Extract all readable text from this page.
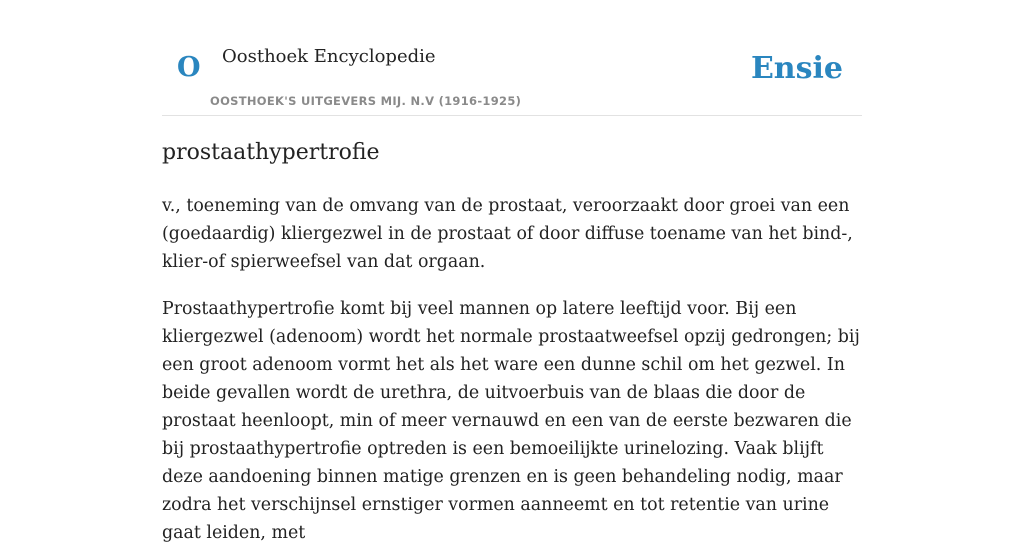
O Oosthoek Encyclopedie
OOSTHOEK'S UITGEVERS MIJ. N.V (1916-1925)
Ensie
prostaathypertrofie

v., toeneming van de omvang van de prostaat, veroorzaakt door groei van een (goedaardig) kliergezwel in de prostaat of door diffuse toename van het bind-, klier-of spierweefsel van dat orgaan.

Prostaathypertrofie komt bij veel mannen op latere leeftijd voor. Bij een kliergezwel (adenoom) wordt het normale prostaatweefsel opzij gedrongen; bij een groot adenoom vormt het als het ware een dunne schil om het gezwel. In beide gevallen wordt de urethra, de uitvoerbuis van de blaas die door de prostaat heenloopt, min of meer vernauwd en een van de eerste bezwaren die bij prostaathypertrofie optreden is een bemoeilijkte urinelozing. Vaak blijft deze aandoening binnen matige grenzen en is geen behandeling nodig, maar zodra het verschijnsel ernstiger vormen aanneemt en tot retentie van urine gaat leiden, met
